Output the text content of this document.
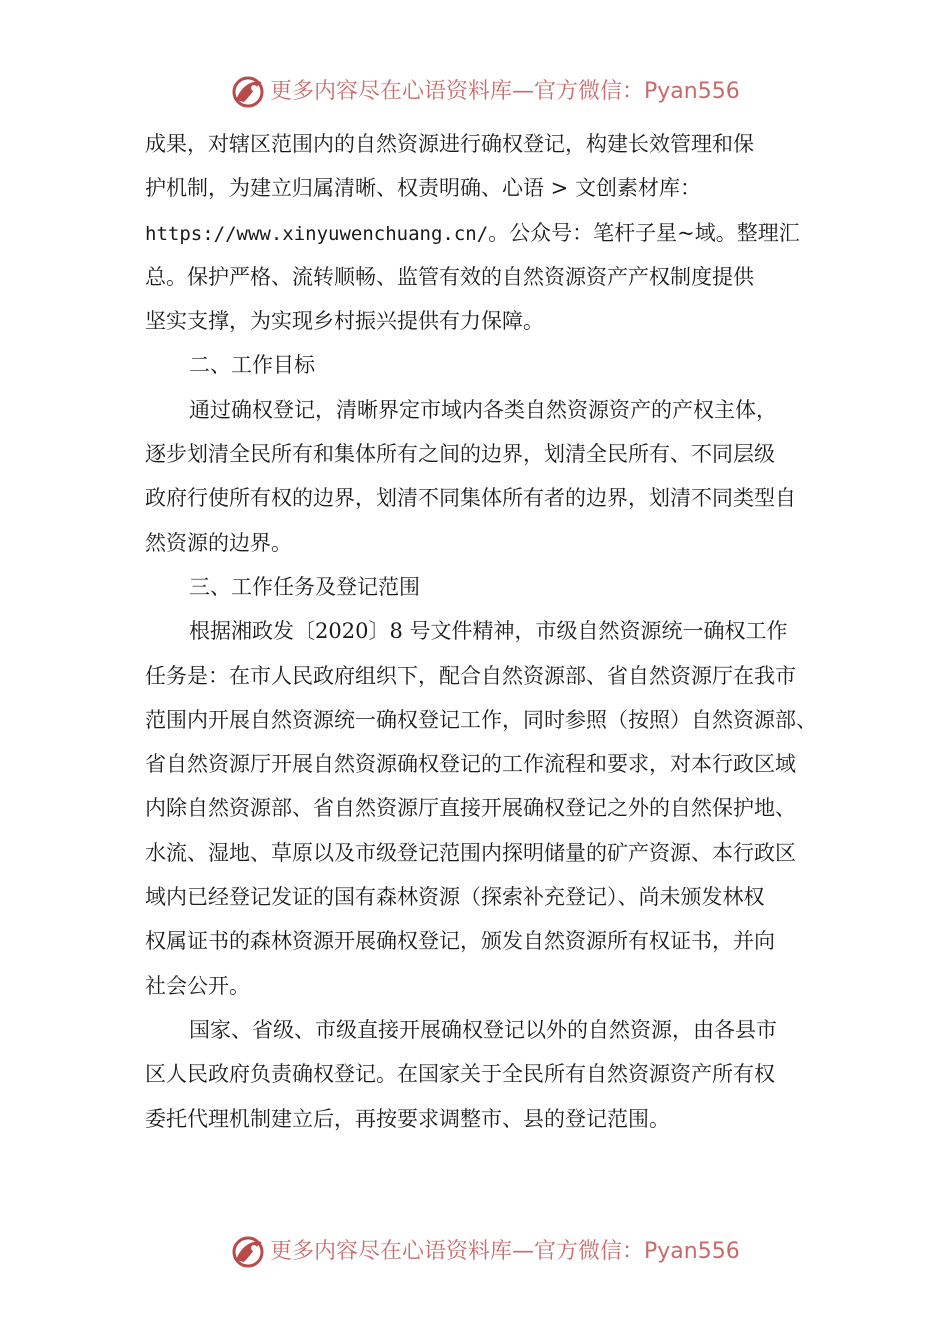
更多内容尽在心语资料库—官方微信：Pyan556
成果，对辖区范围内的自然资源进行确权登记，构建长效管理和保
护机制，为建立归属清晰、权责明确、心语 > 文创素材库：
https://www.xinyuwenchuang.cn/。公众号：笔杆子星~域。整理汇
总。保护严格、流转顺畅、监管有效的自然资源资产产权制度提供
坚实支撑，为实现乡村振兴提供有力保障。
二、工作目标
通过确权登记，清晰界定市域内各类自然资源资产的产权主体，
逐步划清全民所有和集体所有之间的边界，划清全民所有、不同层级
政府行使所有权的边界，划清不同集体所有者的边界，划清不同类型自
然资源的边界。
三、工作任务及登记范围
根据湘政发〔2020〕8 号文件精神，市级自然资源统一确权工作
任务是：在市人民政府组织下，配合自然资源部、省自然资源厅在我市
范围内开展自然资源统一确权登记工作，同时参照（按照）自然资源部、
省自然资源厅开展自然资源确权登记的工作流程和要求，对本行政区域
内除自然资源部、省自然资源厅直接开展确权登记之外的自然保护地、
水流、湿地、草原以及市级登记范围内探明储量的矿产资源、本行政区
域内已经登记发证的国有森林资源（探索补充登记）、尚未颁发林权
权属证书的森林资源开展确权登记，颁发自然资源所有权证书，并向
社会公开。
国家、省级、市级直接开展确权登记以外的自然资源，由各县市
区人民政府负责确权登记。在国家关于全民所有自然资源资产所有权
委托代理机制建立后，再按要求调整市、县的登记范围。
更多内容尽在心语资料库—官方微信：Pyan556
